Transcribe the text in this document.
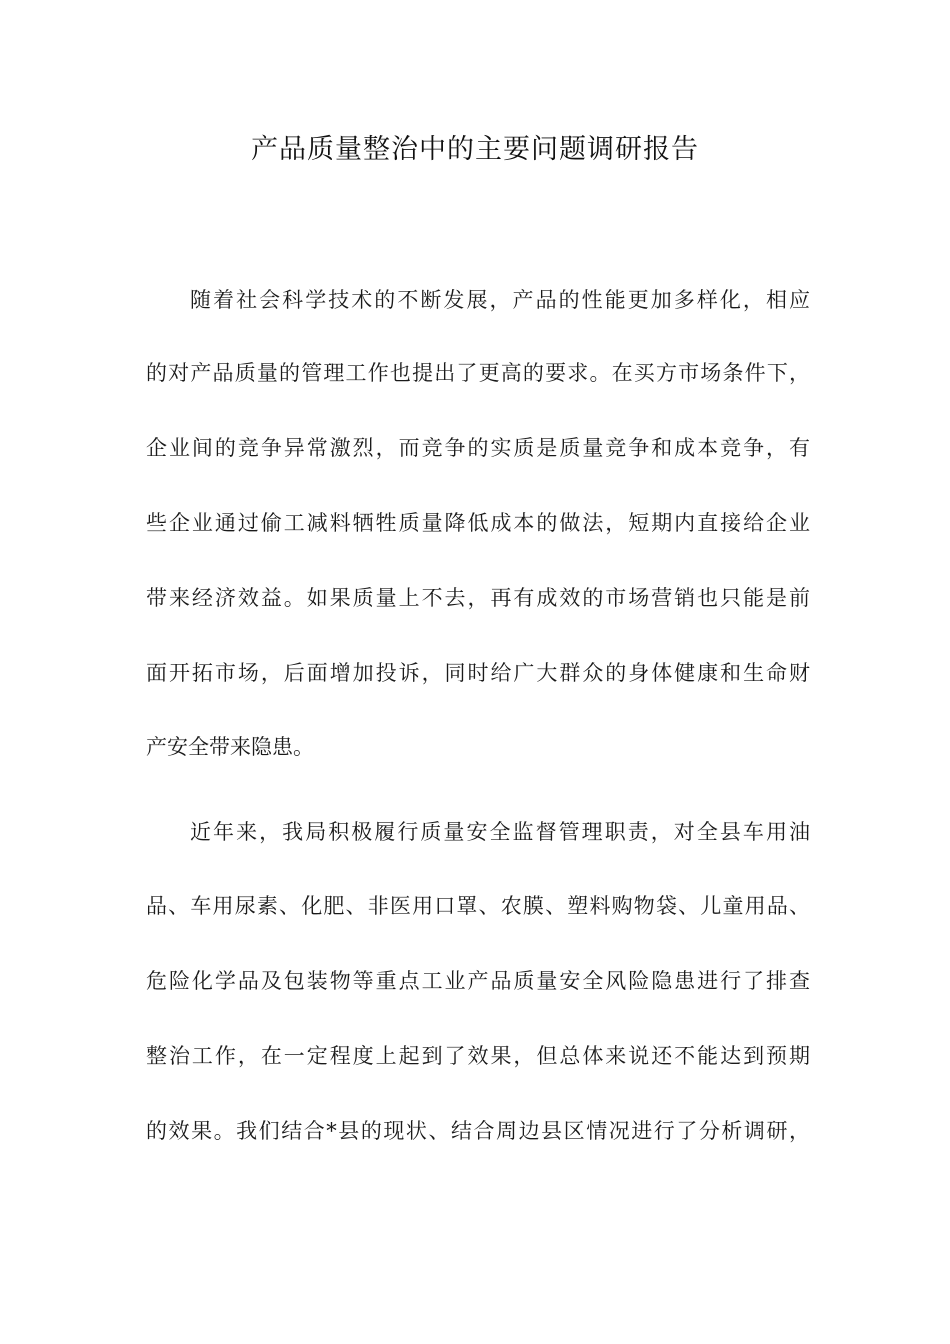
产品质量整治中的主要问题调研报告
随着社会科学技术的不断发展，产品的性能更加多样化，相应
的对产品质量的管理工作也提出了更高的要求。在买方市场条件下，
企业间的竞争异常激烈，而竞争的实质是质量竞争和成本竞争，有
些企业通过偷工减料牺牲质量降低成本的做法，短期内直接给企业
带来经济效益。如果质量上不去，再有成效的市场营销也只能是前
面开拓市场，后面增加投诉，同时给广大群众的身体健康和生命财
产安全带来隐患。
近年来，我局积极履行质量安全监督管理职责，对全县车用油
品、车用尿素、化肥、非医用口罩、农膜、塑料购物袋、儿童用品、
危险化学品及包装物等重点工业产品质量安全风险隐患进行了排查
整治工作，在一定程度上起到了效果，但总体来说还不能达到预期
的效果。我们结合*县的现状、结合周边县区情况进行了分析调研，
